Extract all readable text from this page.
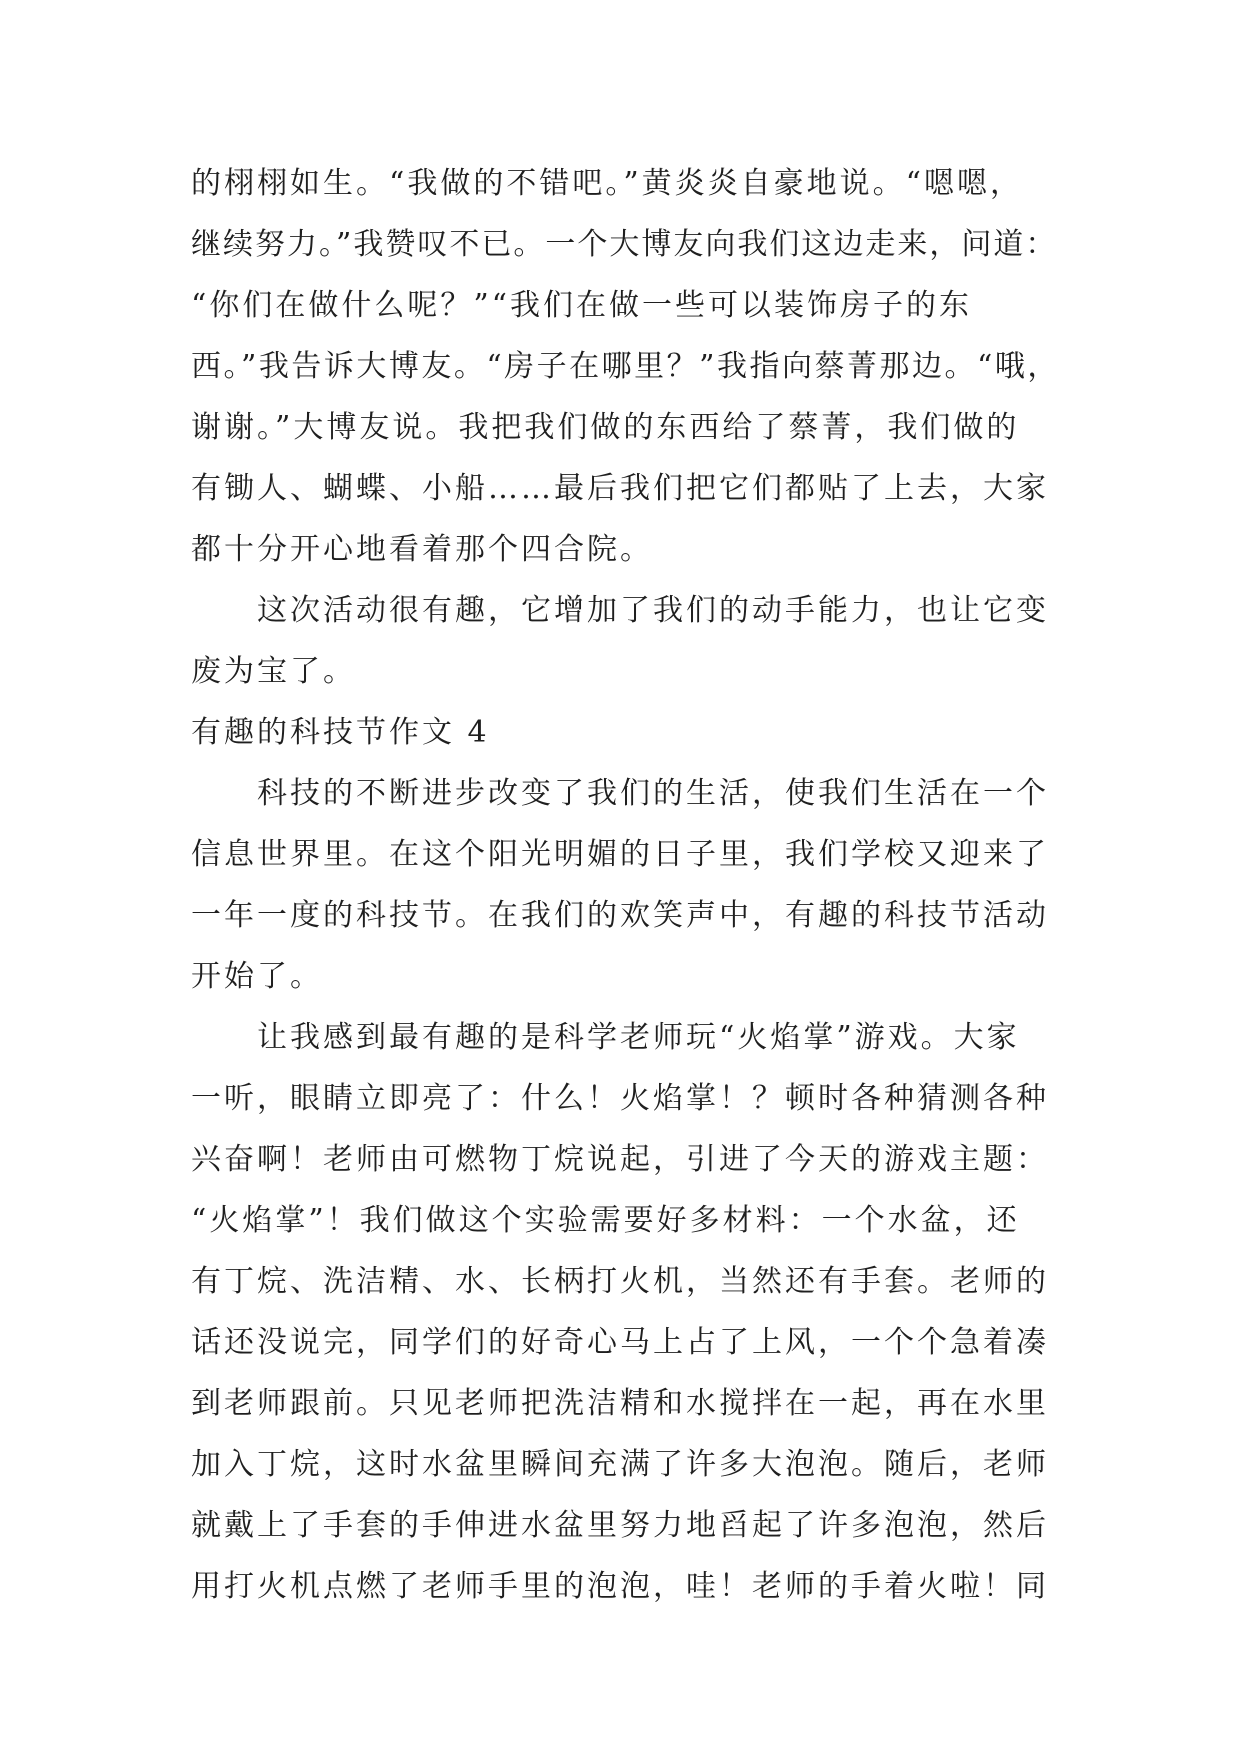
的栩栩如生。“我做的不错吧。”黄炎炎自豪地说。“嗯嗯，
继续努力。”我赞叹不已。一个大博友向我们这边走来，问道：
“你们在做什么呢？”“我们在做一些可以装饰房子的东
西。”我告诉大博友。“房子在哪里？”我指向蔡菁那边。“哦，
谢谢。”大博友说。我把我们做的东西给了蔡菁，我们做的
有锄人、蝴蝶、小船……最后我们把它们都贴了上去，大家
都十分开心地看着那个四合院。
这次活动很有趣，它增加了我们的动手能力，也让它变
废为宝了。
有趣的科技节作文 4
科技的不断进步改变了我们的生活，使我们生活在一个
信息世界里。在这个阳光明媚的日子里，我们学校又迎来了
一年一度的科技节。在我们的欢笑声中，有趣的科技节活动
开始了。
让我感到最有趣的是科学老师玩“火焰掌”游戏。大家
一听，眼睛立即亮了：什么！火焰掌！？顿时各种猜测各种
兴奋啊！老师由可燃物丁烷说起，引进了今天的游戏主题：
“火焰掌”！我们做这个实验需要好多材料：一个水盆，还
有丁烷、洗洁精、水、长柄打火机，当然还有手套。老师的
话还没说完，同学们的好奇心马上占了上风，一个个急着凑
到老师跟前。只见老师把洗洁精和水搅拌在一起，再在水里
加入丁烷，这时水盆里瞬间充满了许多大泡泡。随后，老师
就戴上了手套的手伸进水盆里努力地舀起了许多泡泡，然后
用打火机点燃了老师手里的泡泡，哇！老师的手着火啦！同
